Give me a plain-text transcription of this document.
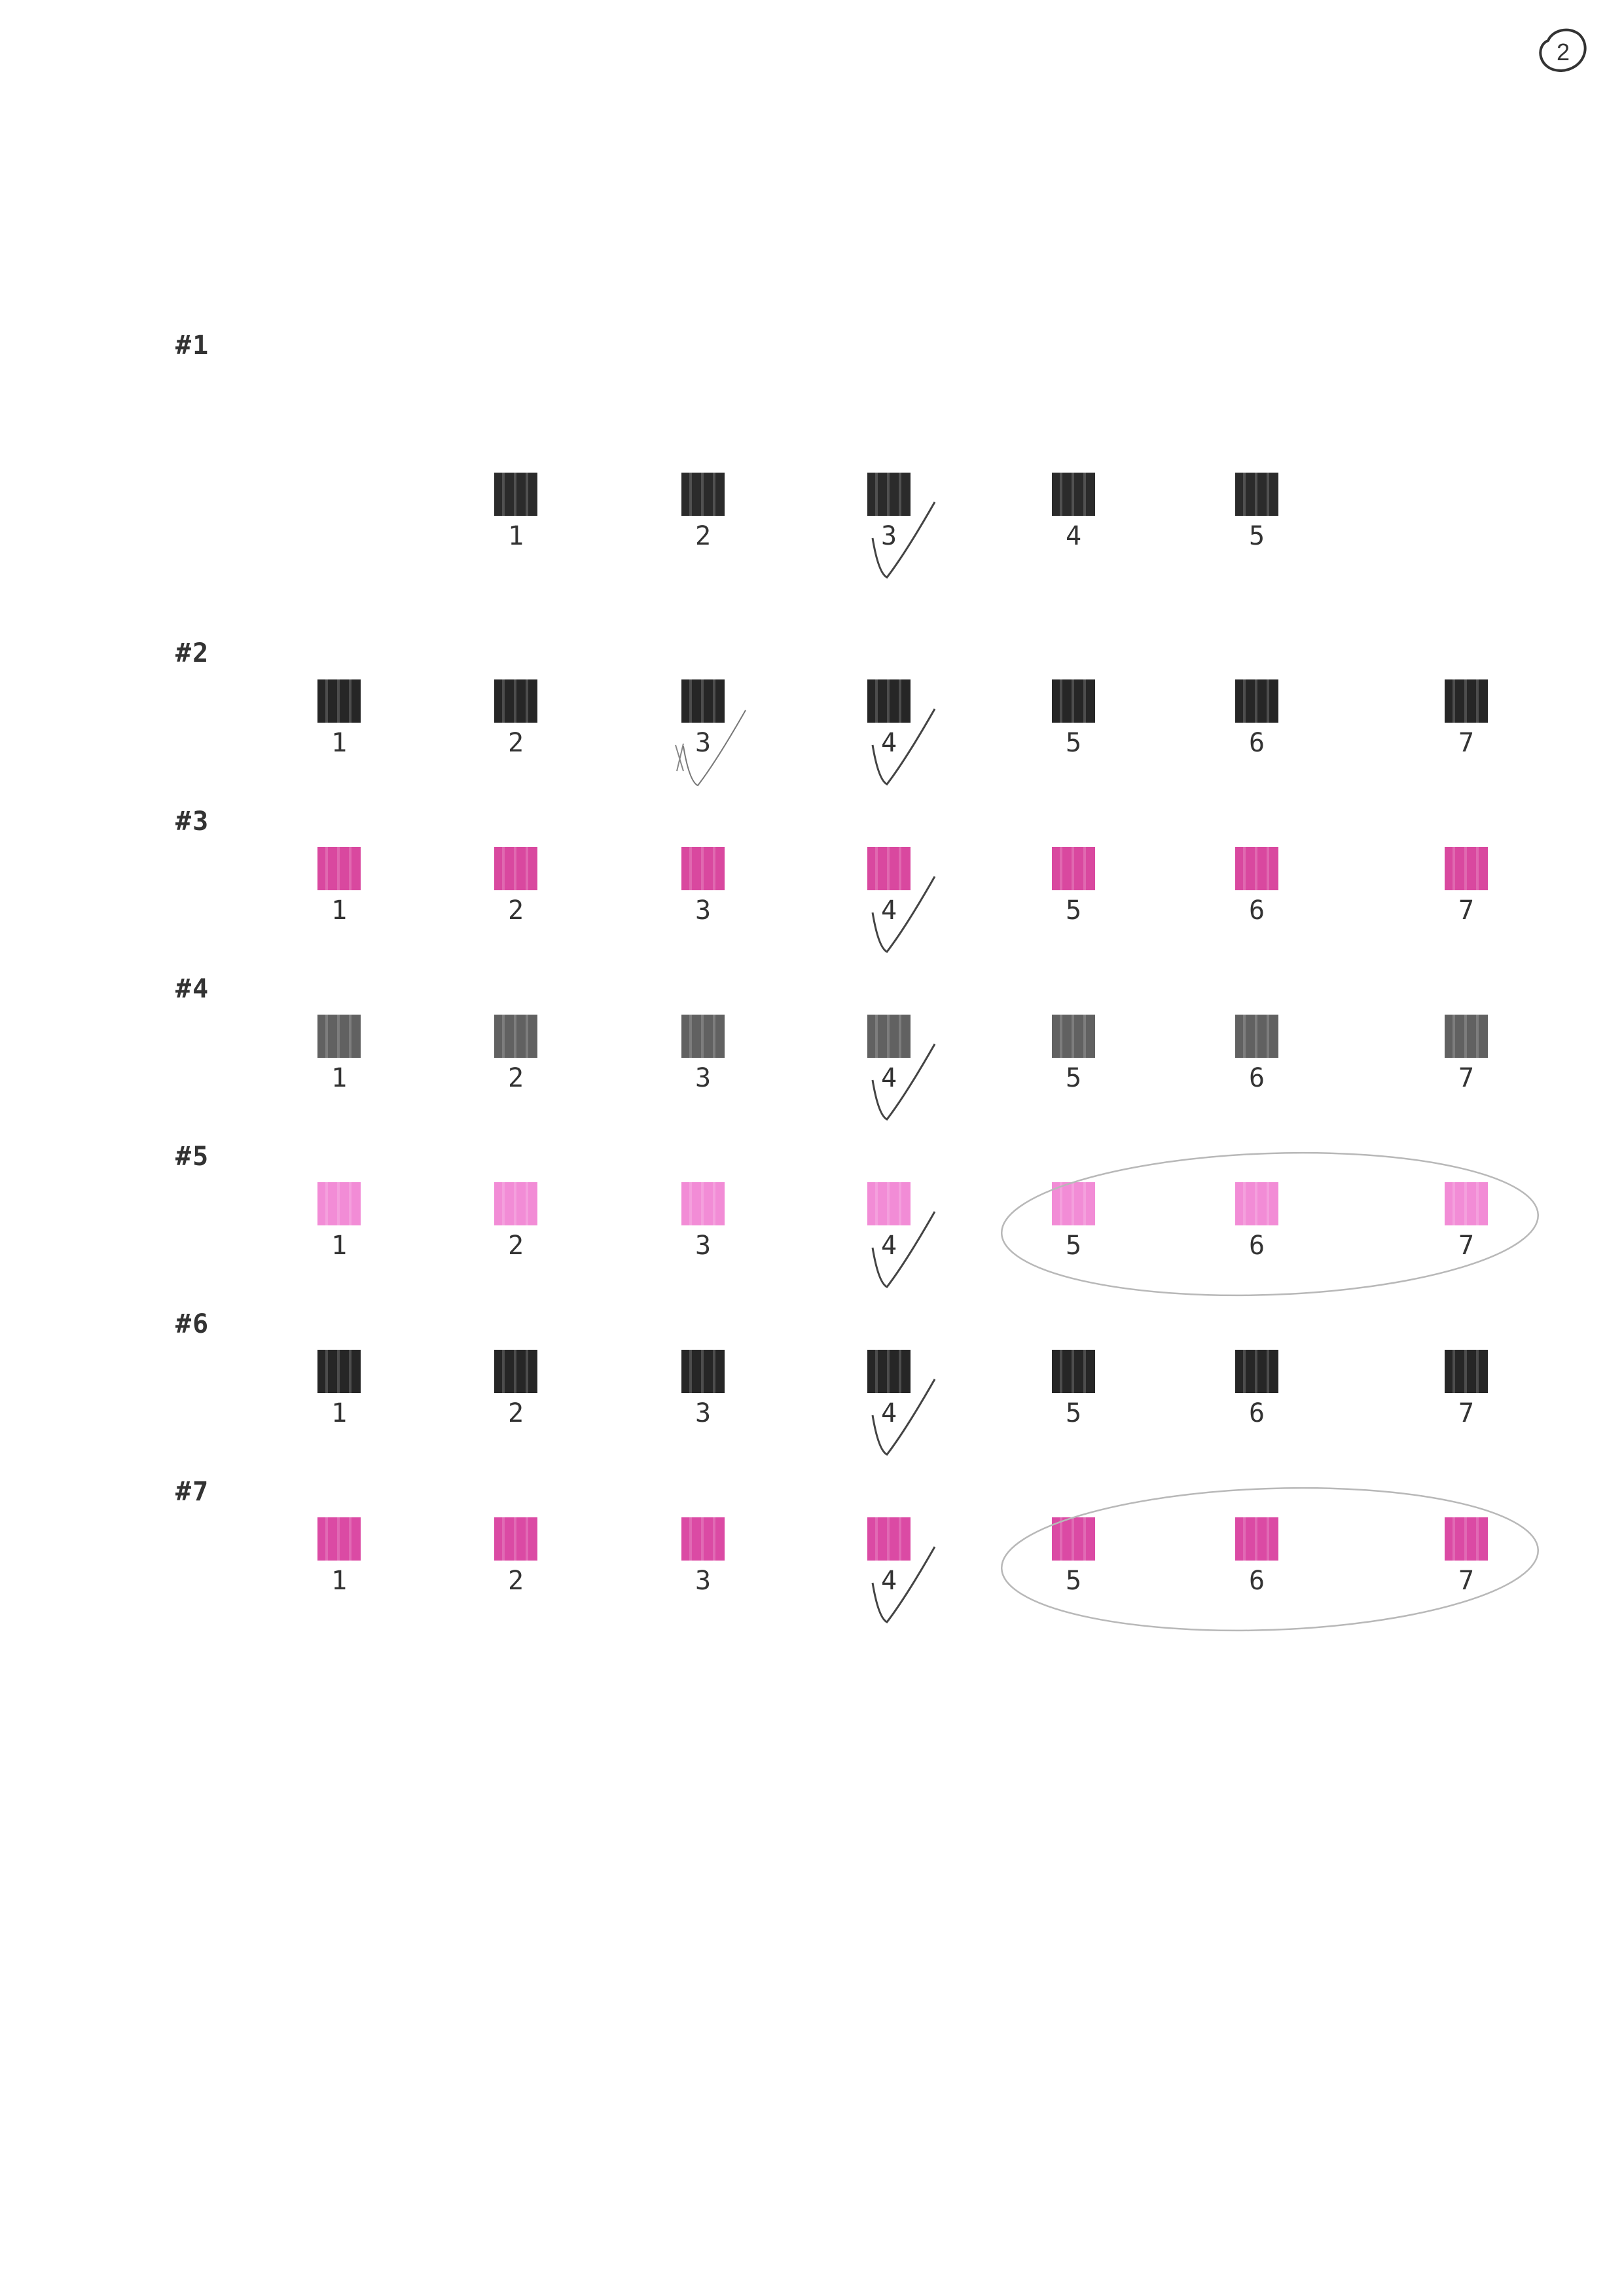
#1
1	2	3	4	5
#2
1	2	3	4	5	6	7
#3
1	2	3	4	5	6	7
#4
1	2	3	4	5	6	7
#5
1	2	3	4	5	6	7
#6
1	2	3	4	5	6	7
#7
1	2	3	4	5	6	7
2
